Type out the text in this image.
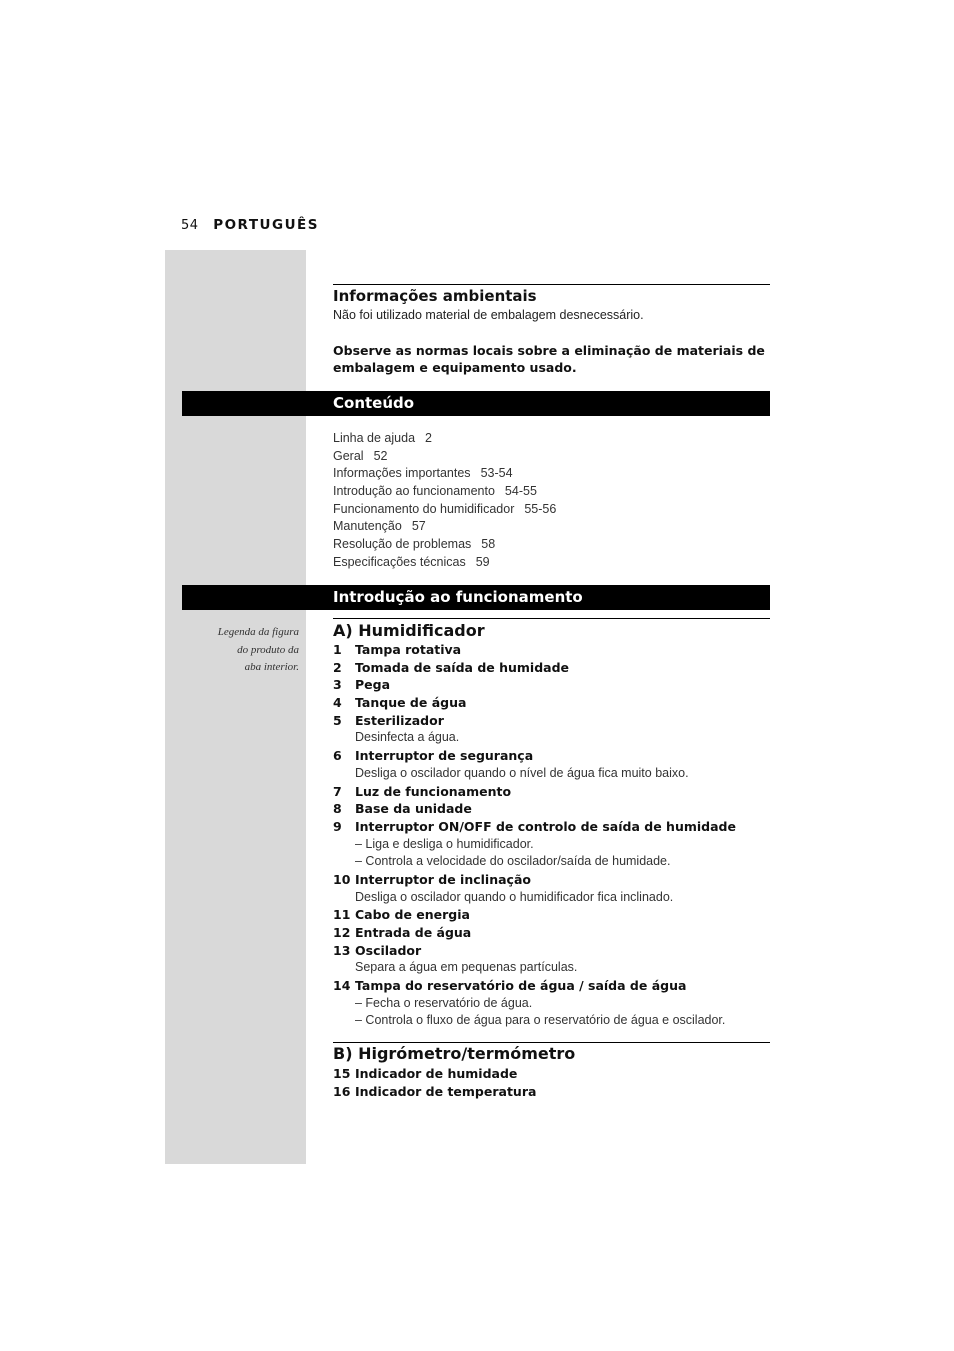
54 PORTUGUÊS
Informações ambientais
Não foi utilizado material de embalagem desnecessário.
Observe as normas locais sobre a eliminação de materiais de embalagem e equipamento usado.
Conteúdo
Linha de ajuda 2
Geral 52
Informações importantes 53-54
Introdução ao funcionamento 54-55
Funcionamento do humidificador 55-56
Manutenção 57
Resolução de problemas 58
Especificações técnicas 59
Introdução ao funcionamento
Legenda da figura
do produto da
aba interior.
A) Humidificador
1 Tampa rotativa
2 Tomada de saída de humidade
3 Pega
4 Tanque de água
5 Esterilizador
Desinfecta a água.
6 Interruptor de segurança
Desliga o oscilador quando o nível de água fica muito baixo.
7 Luz de funcionamento
8 Base da unidade
9 Interruptor ON/OFF de controlo de saída de humidade
– Liga e desliga o humidificador.
– Controla a velocidade do oscilador/saída de humidade.
10 Interruptor de inclinação
Desliga o oscilador quando o humidificador fica inclinado.
11 Cabo de energia
12 Entrada de água
13 Oscilador
Separa a água em pequenas partículas.
14 Tampa do reservatório de água / saída de água
– Fecha o reservatório de água.
– Controla o fluxo de água para o reservatório de água e oscilador.
B) Higrómetro/termómetro
15 Indicador de humidade
16 Indicador de temperatura
